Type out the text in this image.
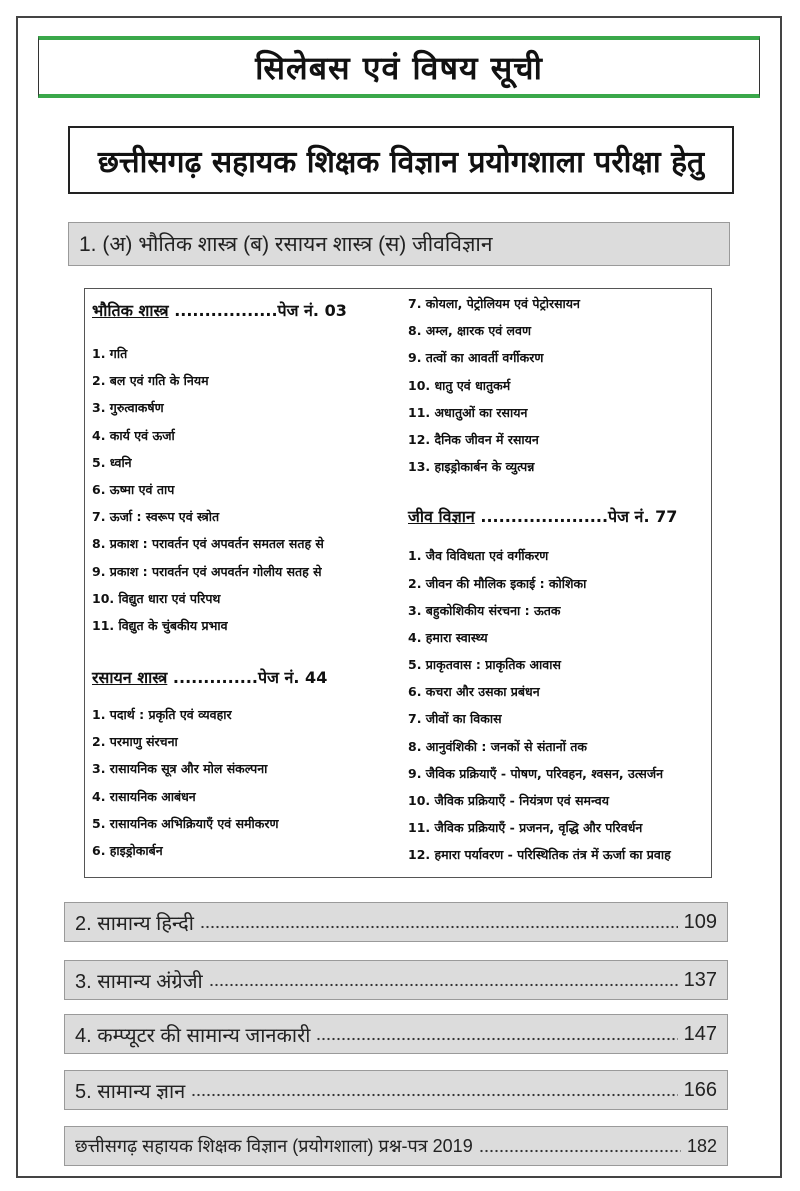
सिलेबस एवं विषय सूची
छत्तीसगढ़ सहायक शिक्षक विज्ञान प्रयोगशाला परीक्षा हेतु
1. (अ) भौतिक शास्त्र (ब) रसायन शास्त्र (स) जीवविज्ञान
भौतिक शास्त्र .................पेज नं. 03
1. गति
2. बल एवं गति के नियम
3. गुरुत्वाकर्षण
4. कार्य एवं ऊर्जा
5. ध्वनि
6. ऊष्मा एवं ताप
7. ऊर्जा : स्वरूप एवं स्त्रोत
8. प्रकाश : परावर्तन एवं अपवर्तन समतल सतह से
9. प्रकाश : परावर्तन एवं अपवर्तन गोलीय सतह से
10. विद्युत धारा एवं परिपथ
11. विद्युत के चुंबकीय प्रभाव
रसायन शास्त्र ..............पेज नं. 44
1. पदार्थ : प्रकृति एवं व्यवहार
2. परमाणु संरचना
3. रासायनिक सूत्र और मोल संकल्पना
4. रासायनिक आबंधन
5. रासायनिक अभिक्रियाएँ एवं समीकरण
6. हाइड्रोकार्बन
7. कोयला, पेट्रोलियम एवं पेट्रोरसायन
8. अम्ल, क्षारक एवं लवण
9. तत्वों का आवर्ती वर्गीकरण
10. धातु एवं धातुकर्म
11. अधातुओं का रसायन
12. दैनिक जीवन में रसायन
13. हाइड्रोकार्बन के व्युत्पन्न
जीव विज्ञान .....................पेज नं. 77
1. जैव विविधता एवं वर्गीकरण
2. जीवन की मौलिक इकाई : कोशिका
3. बहुकोशिकीय संरचना : ऊतक
4. हमारा स्वास्थ्य
5. प्राकृतवास : प्राकृतिक आवास
6. कचरा और उसका प्रबंधन
7. जीवों का विकास
8. आनुवंशिकी : जनकों से संतानों तक
9. जैविक प्रक्रियाएँ - पोषण, परिवहन, श्वसन, उत्सर्जन
10. जैविक प्रक्रियाएँ - नियंत्रण एवं समन्वय
11. जैविक प्रक्रियाएँ - प्रजनन, वृद्धि और परिवर्धन
12. हमारा पर्यावरण - परिस्थितिक तंत्र में ऊर्जा का प्रवाह
2. सामान्य हिन्दी	109
3. सामान्य अंग्रेजी	137
4. कम्प्यूटर की सामान्य जानकारी	147
5. सामान्य ज्ञान	166
छत्तीसगढ़ सहायक शिक्षक विज्ञान (प्रयोगशाला) प्रश्न-पत्र 2019	182
